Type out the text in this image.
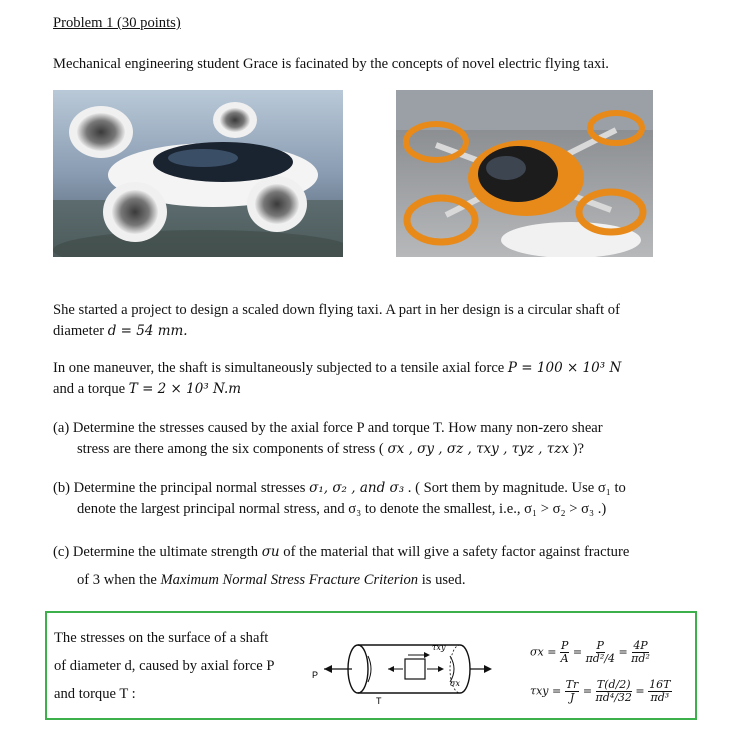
Problem 1 (30 points)
Mechanical engineering student Grace is facinated by the concepts of novel electric flying taxi.
She started a project to design a scaled down flying taxi. A part in her design is a circular shaft of
diameter d = 54 mm.
In one maneuver, the shaft is simultaneously subjected to a tensile axial force P = 100 × 10³ N
and a torque T = 2 × 10³ N.m
(a) Determine the stresses caused by the axial force P and torque T. How many non-zero shear
stress are there among the six components of stress ( σx , σy , σz , τxy , τyz , τzx )?
(b) Determine the principal normal stresses σ₁, σ₂ , and σ₃ . ( Sort them by magnitude. Use σ₁ to
denote the largest principal normal stress, and σ₃ to denote the smallest, i.e., σ₁ > σ₂ > σ₃ .)
(c) Determine the ultimate strength σu of the material that will give a safety factor against fracture
of 3 when the Maximum Normal Stress Fracture Criterion is used.
The stresses on the surface of a shaft
of diameter d, caused by axial force P
and torque T :
P
τxy
σx
T
$\sigma x = \frac{P}{A} = \frac{P}{\text{πd²/4}} = \frac{4P}{\text{πd²}}$
$\tau xy = \frac{Tr}{J} = \frac{T(d/2)}{\text{πd⁴/32}} = \frac{16T}{\text{πd³}}$
